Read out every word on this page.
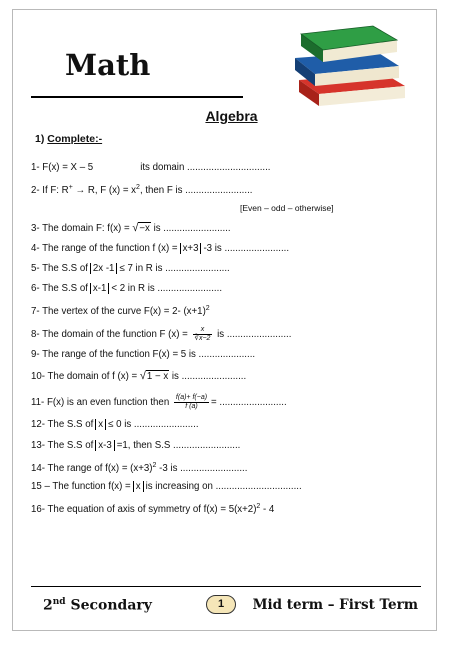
Math
Algebra
1) Complete:-
1- F(x) = X – 5	its domain ...............................
2- If F: R+ → R, F $(x) = x^2$, then F is .........................
[Even – odd – otherwise]
3- The domain F: f(x) = √−x is .........................
4- The range of the function f (x) = x+3 -3 is ........................
5- The S.S of 2x -1 ≤ 7 in R is ........................
6- The S.S of x-1 < 2 in R is ........................
7- The vertex of the curve F(x) = 2- $(x+1)^2$
8- The domain of the function F $(x) = \frac{x}{∛x-2}$ is ........................
9- The range of the function F(x) = 5 is .....................
10- The domain of f (x) = √1 − x is ........................
11- F(x) is an even function then $\frac{f(a)+ f(-a)}{f (a)}$ = .........................
12- The S.S of x ≤ 0 is ........................
13- The S.S of x-3 =1, then S.S .........................
14- The range of $f(x) = (x+3)^2$ -3 is .........................
15 – The function f(x) = x is increasing on ................................
16- The equation of axis of symmetry of $f(x) = 5(x+2)^2 - 4$
2nd Secondary	1	Mid term – First Term
